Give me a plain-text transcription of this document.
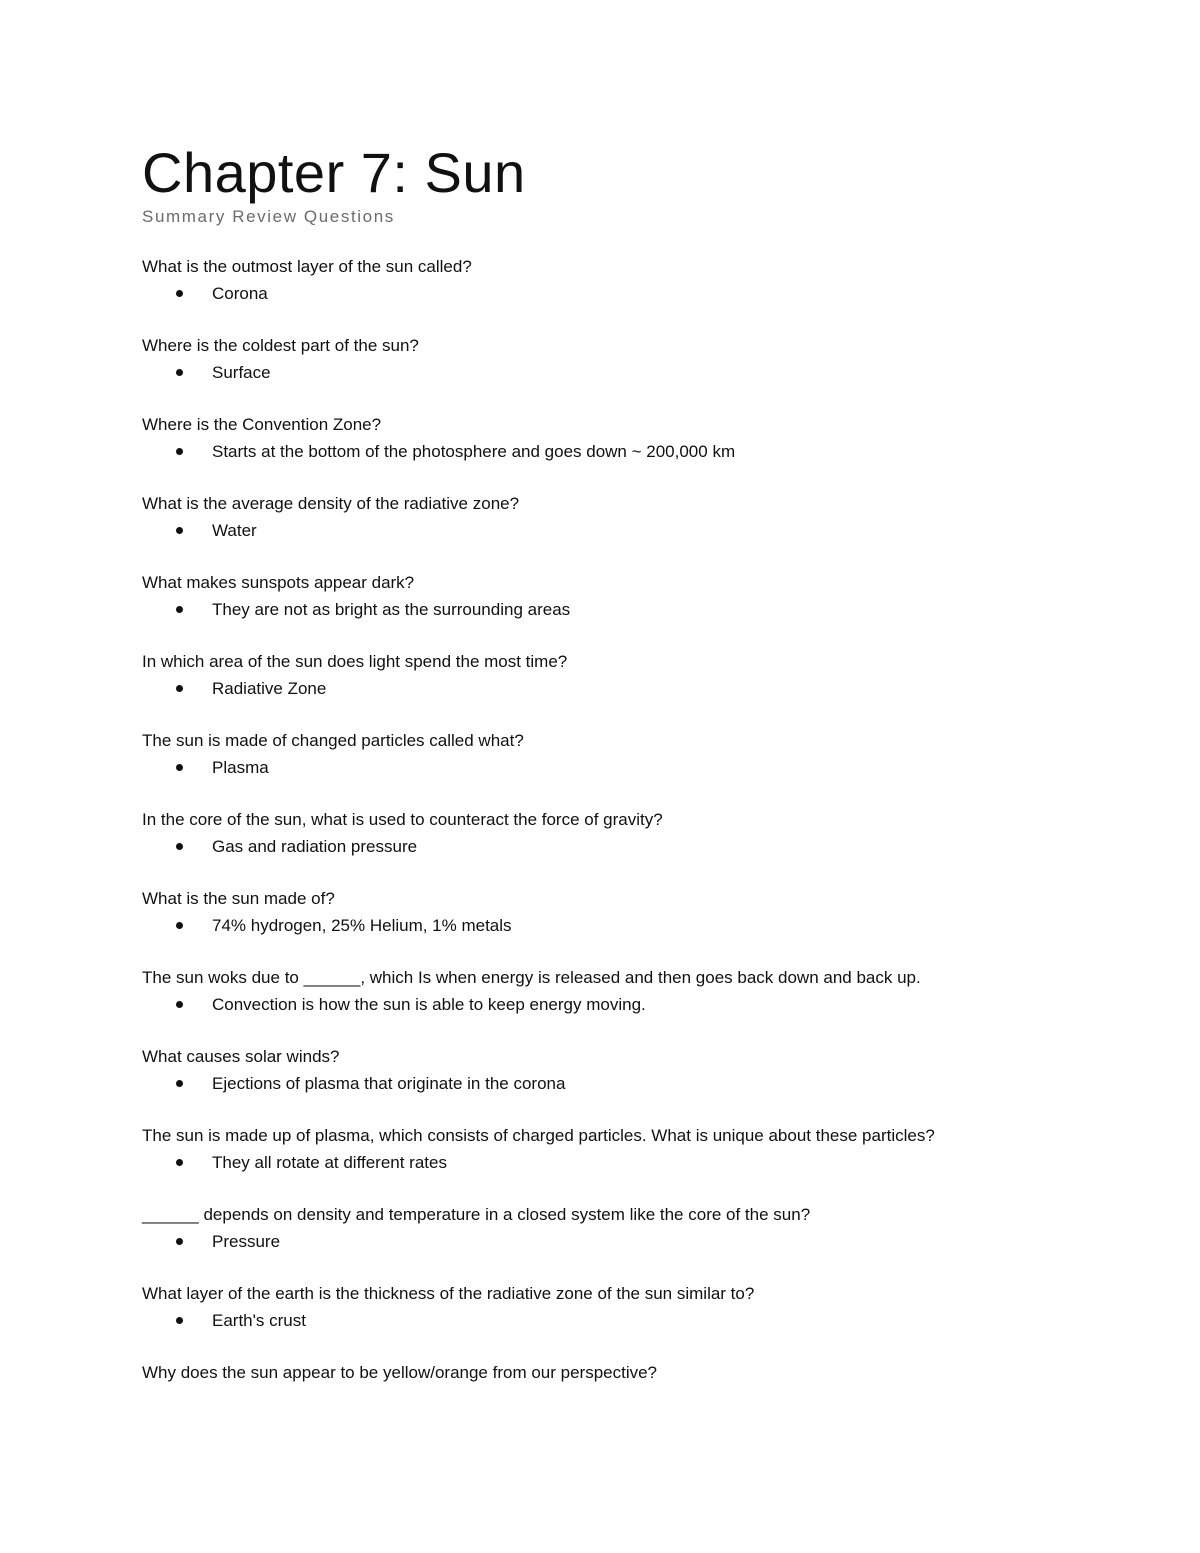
Chapter 7: Sun
Summary Review Questions

What is the outmost layer of the sun called?

Corona

Where is the coldest part of the sun?

Surface

Where is the Convention Zone?

Starts at the bottom of the photosphere and goes down ~ 200,000 km

What is the average density of the radiative zone?

Water

What makes sunspots appear dark?

They are not as bright as the surrounding areas

In which area of the sun does light spend the most time?

Radiative Zone

The sun is made of changed particles called what?

Plasma

In the core of the sun, what is used to counteract the force of gravity?

Gas and radiation pressure

What is the sun made of?

74% hydrogen, 25% Helium, 1% metals

The sun woks due to ______, which Is when energy is released and then goes back down and back up.

Convection is how the sun is able to keep energy moving.

What causes solar winds?

Ejections of plasma that originate in the corona

The sun is made up of plasma, which consists of charged particles. What is unique about these particles?

They all rotate at different rates

______ depends on density and temperature in a closed system like the core of the sun?

Pressure

What layer of the earth is the thickness of the radiative zone of the sun similar to?

Earth's crust

Why does the sun appear to be yellow/orange from our perspective?
